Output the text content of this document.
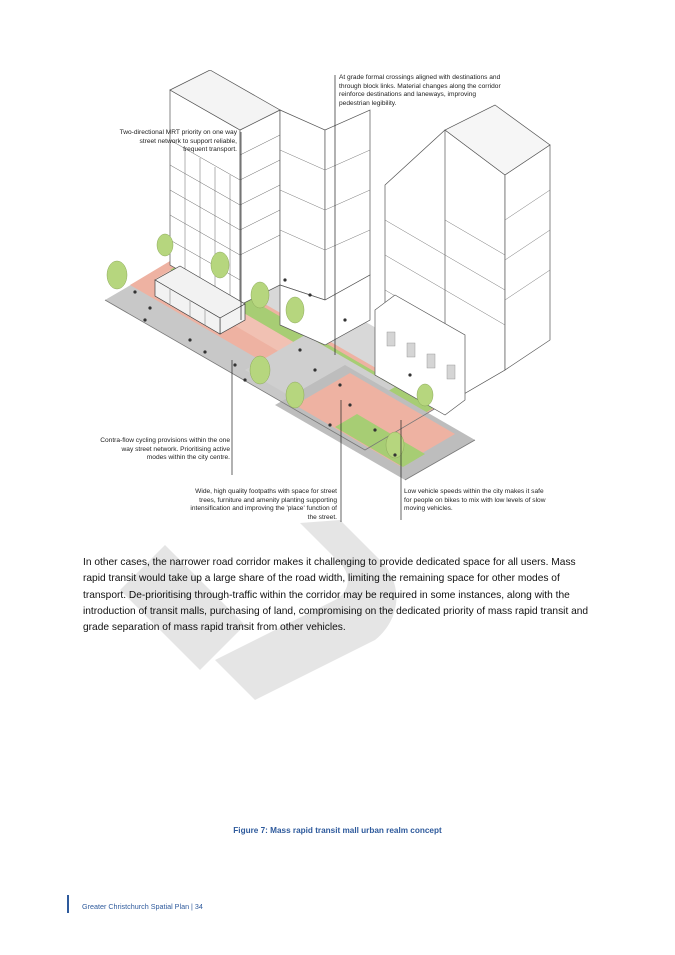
At grade formal crossings aligned with destinations and through block links. Material changes along the corridor reinforce destinations and laneways, improving pedestrian legibility.
Two-directional MRT priority on one way street network to support reliable, frequent transport.
Contra-flow cycling provisions within the one way street network. Prioritising active modes within the city centre.
Wide, high quality footpaths with space for street trees, furniture and amenity planting supporting intensification and improving the 'place' function of the street.
Low vehicle speeds within the city makes it safe for people on bikes to mix with low levels of slow moving vehicles.

In other cases, the narrower road corridor makes it challenging to provide dedicated space for all users. Mass rapid transit would take up a large share of the road width, limiting the remaining space for other modes of transport. De-prioritising through-traffic within the corridor may be required in some instances, along with the introduction of transit malls, purchasing of land, compromising on the dedicated priority of mass rapid transit and grade separation of mass rapid transit from other vehicles.

Figure 7: Mass rapid transit mall urban realm concept
Greater Christchurch Spatial Plan | 34
